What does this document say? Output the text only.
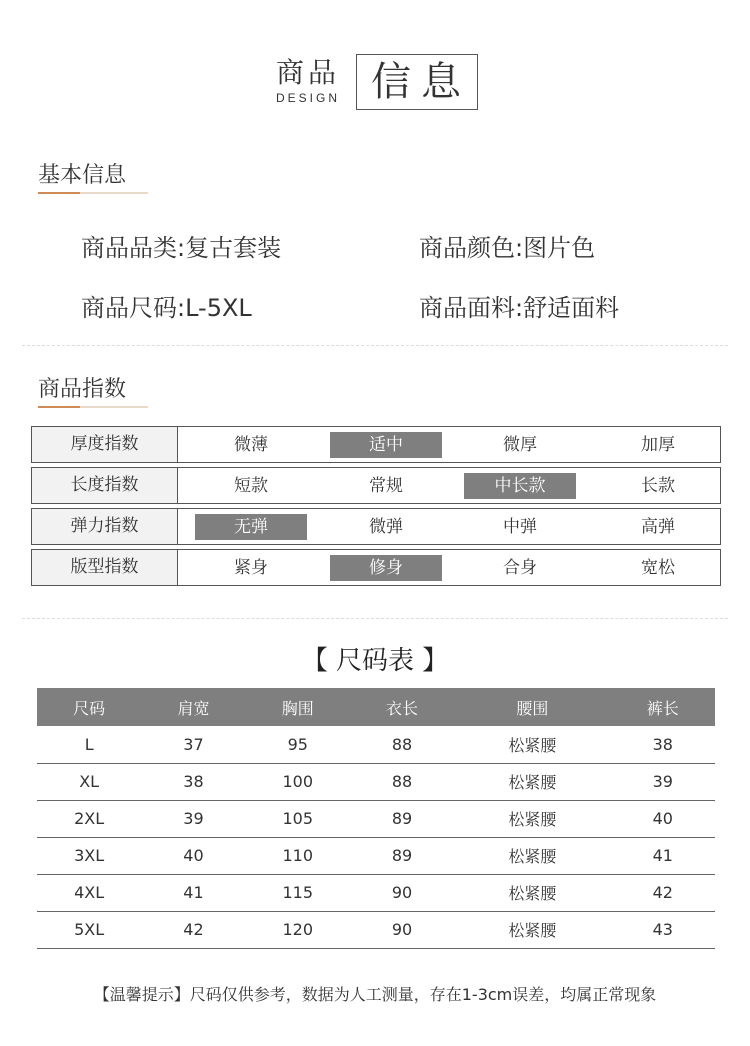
商品
DESIGN 信息
基本信息
商品品类:复古套装	商品颜色:图片色
商品尺码:L-5XL	商品面料:舒适面料
商品指数
厚度指数	微薄	适中	微厚	加厚
长度指数	短款	常规	中长款	长款
弹力指数	无弹	微弹	中弹	高弹
版型指数	紧身	修身	合身	宽松
【 尺码表 】
尺码	肩宽	胸围	衣长	腰围	裤长
L	37	95	88	松紧腰	38
XL	38	100	88	松紧腰	39
2XL	39	105	89	松紧腰	40
3XL	40	110	89	松紧腰	41
4XL	41	115	90	松紧腰	42
5XL	42	120	90	松紧腰	43
【温馨提示】尺码仅供参考，数据为人工测量，存在1-3cm误差，均属正常现象
